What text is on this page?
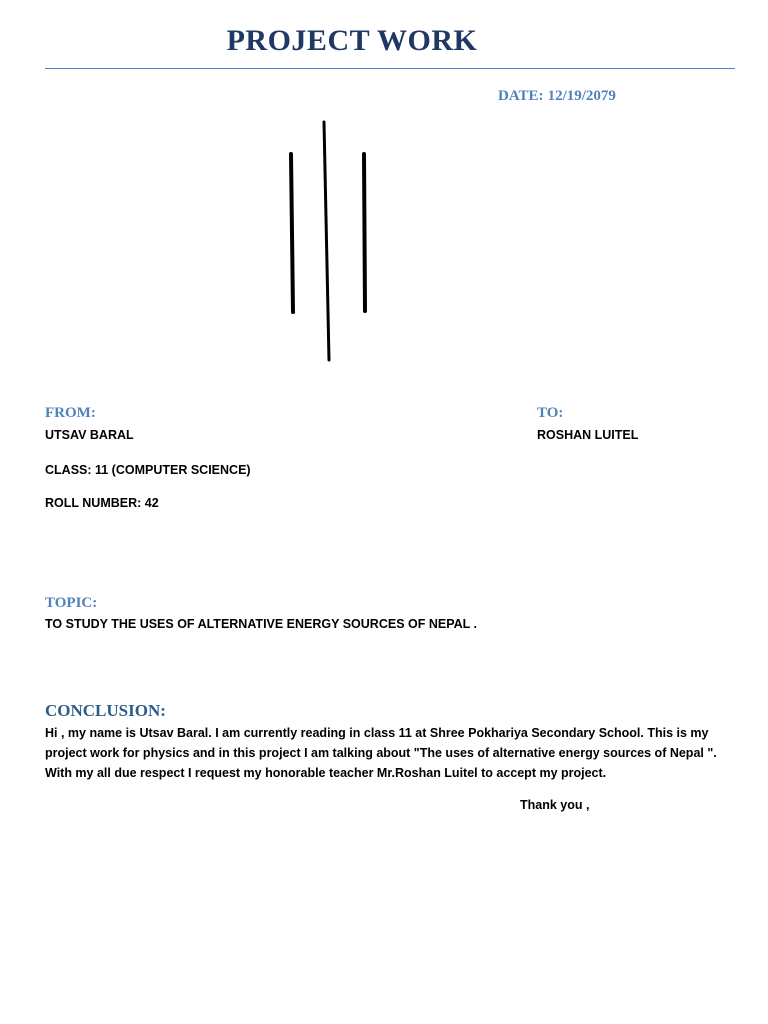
PROJECT WORK
DATE: 12/19/2079
FROM:
UTSAV BARAL
CLASS: 11 (COMPUTER SCIENCE)
ROLL NUMBER: 42
TO:
ROSHAN LUITEL
TOPIC:
TO STUDY THE USES OF ALTERNATIVE ENERGY SOURCES OF NEPAL .
CONCLUSION:
Hi , my name is Utsav Baral. I am currently reading in class 11 at Shree Pokhariya Secondary School. This is my project work for physics and in this project I am talking about "The uses of alternative energy sources of Nepal ". With my all due respect I request my honorable teacher Mr.Roshan Luitel to accept my project.
Thank you ,
